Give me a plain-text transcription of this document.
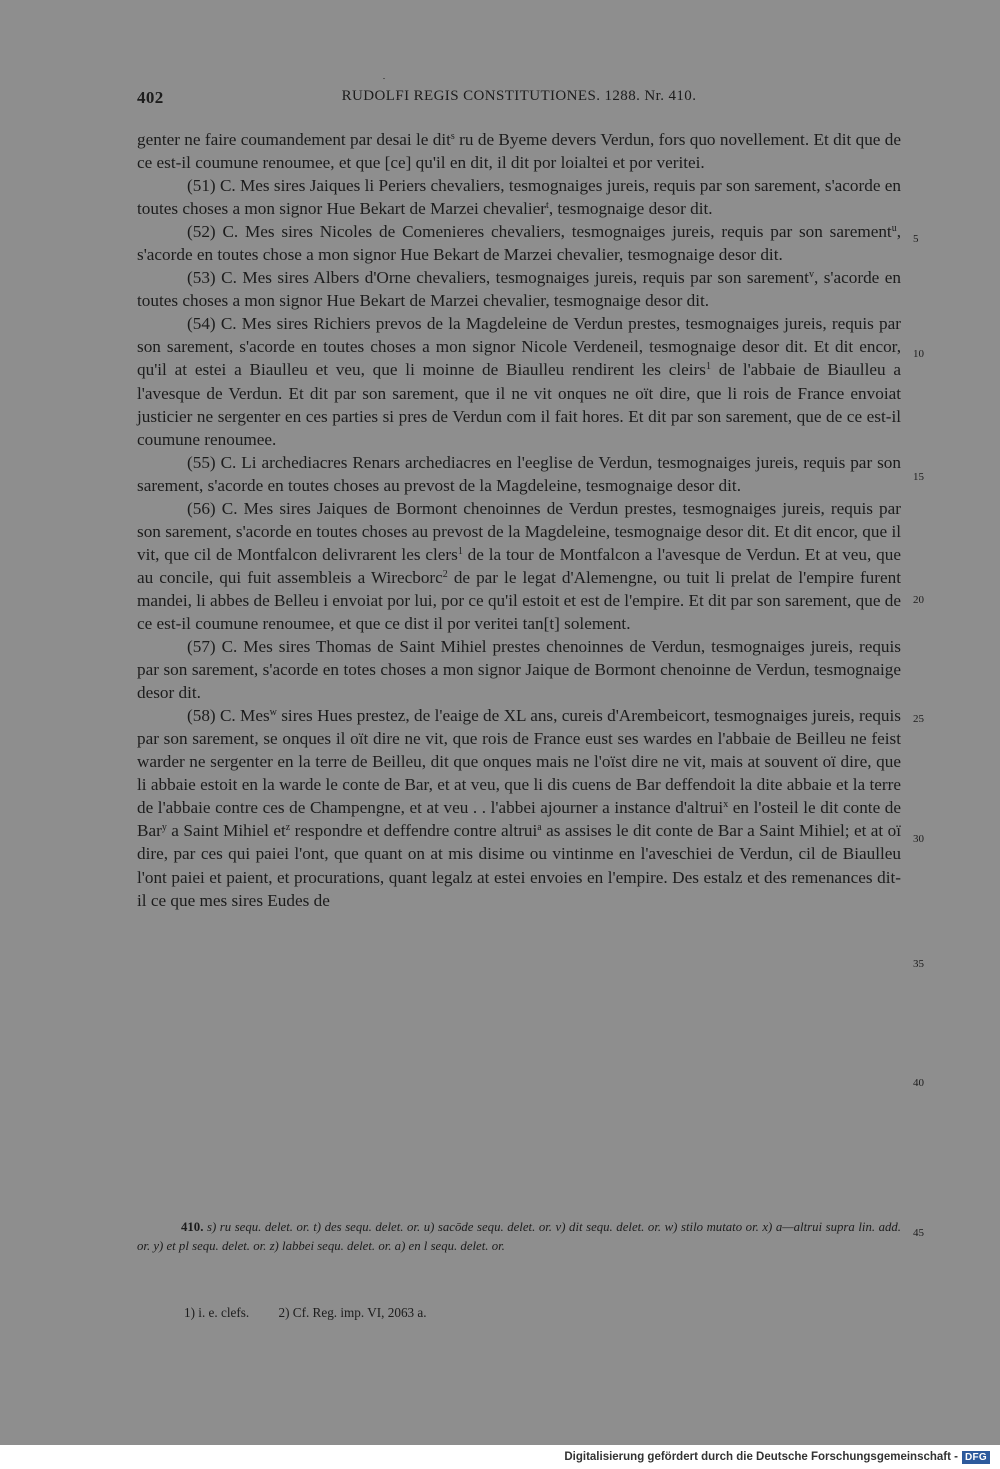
402	RUDOLFI REGIS CONSTITUTIONES. 1288. Nr. 410.

genter ne faire coumandement par desai le dit$^s$ ru de Byeme devers Verdun, fors quo novellement. Et dit que de ce est-il coumune renoumee, et que [ce] qu'il en dit, il dit por loialtei et por veritei.

(51) C. Mes sires Jaiques li Periers chevaliers, tesmognaiges jureis, requis par son sarement, s'acorde en toutes choses a mon signor Hue Bekart de Marzei chevalier$^t$, tesmognaige desor dit.

(52) C. Mes sires Nicoles de Comenieres chevaliers, tesmognaiges jureis, requis par son sarement$^u$, s'acorde en toutes chose a mon signor Hue Bekart de Marzei chevalier, tesmognaige desor dit.

(53) C. Mes sires Albers d'Orne chevaliers, tesmognaiges jureis, requis par son sarement$^v$, s'acorde en toutes choses a mon signor Hue Bekart de Marzei chevalier, tesmognaige desor dit.

(54) C. Mes sires Richiers prevos de la Magdeleine de Verdun prestes, tesmognaiges jureis, requis par son sarement, s'acorde en toutes choses a mon signor Nicole Verdeneil, tesmognaige desor dit. Et dit encor, qu'il at estei a Biaulleu et veu, que li moinne de Biaulleu rendirent les cleirs$^1$ de l'abbaie de Biaulleu a l'avesque de Verdun. Et dit par son sarement, que il ne vit onques ne oït dire, que li rois de France envoiat justicier ne sergenter en ces parties si pres de Verdun com il fait hores. Et dit par son sarement, que de ce est-il coumune renoumee.

(55) C. Li archediacres Renars archediacres en l'eeglise de Verdun, tesmognaiges jureis, requis par son sarement, s'acorde en toutes choses au prevost de la Magdeleine, tesmognaige desor dit.

(56) C. Mes sires Jaiques de Bormont chenoinnes de Verdun prestes, tesmognaiges jureis, requis par son sarement, s'acorde en toutes choses au prevost de la Magdeleine, tesmognaige desor dit. Et dit encor, que il vit, que cil de Montfalcon delivrarent les clers$^1$ de la tour de Montfalcon a l'avesque de Verdun. Et at veu, que au concile, qui fuit assembleis a Wirecborc$^2$ de par le legat d'Alemengne, ou tuit li prelat de l'empire furent mandei, li abbes de Belleu i envoiat por lui, por ce qu'il estoit et est de l'empire. Et dit par son sarement, que de ce est-il coumune renoumee, et que ce dist il por veritei tan[t] solement.

(57) C. Mes sires Thomas de Saint Mihiel prestes chenoinnes de Verdun, tesmognaiges jureis, requis par son sarement, s'acorde en totes choses a mon signor Jaique de Bormont chenoinne de Verdun, tesmognaige desor dit.

(58) C. Mes$^w$ sires Hues prestez, de l'eaige de XL ans, cureis d'Arembeicort, tesmognaiges jureis, requis par son sarement, se onques il oït dire ne vit, que rois de France eust ses wardes en l'abbaie de Beilleu ne feist warder ne sergenter en la terre de Beilleu, dit que onques mais ne l'oïst dire ne vit, mais at souvent oï dire, que li abbaie estoit en la warde le conte de Bar, et at veu, que li dis cuens de Bar deffendoit la dite abbaie et la terre de l'abbaie contre ces de Champengne, et at veu . . l'abbei ajourner a instance d'altrui$^x$ en l'osteil le dit conte de Bar$^y$ a Saint Mihiel $et^z$ respondre et deffendre contre altrui$^a$ as assises le dit conte de Bar a Saint Mihiel; et at oï dire, par ces qui paiei l'ont, que quant on at mis disime ou vintinme en l'aveschiei de Verdun, cil de Biaulleu l'ont paiei et paient, et procurations, quant legalz at estei envoies en l'empire. Des estalz et des remenances dit-il ce que mes sires Eudes de

5
10
15
20
25
30
35
40
45

410. s) ru sequ. delet. or. t) des sequ. delet. or. u) sacōde sequ. delet. or. v) dit sequ. delet. or. w) stilo mutato or. x) a—altrui supra lin. add. or. y) et pl sequ. delet. or. z) labbei sequ. delet. or. a) en l sequ. delet. or.

1) i. e. clefs. 2) Cf. Reg. imp. VI, 2063 a.
Digitalisierung gefördert durch die Deutsche Forschungsgemeinschaft - DFG
